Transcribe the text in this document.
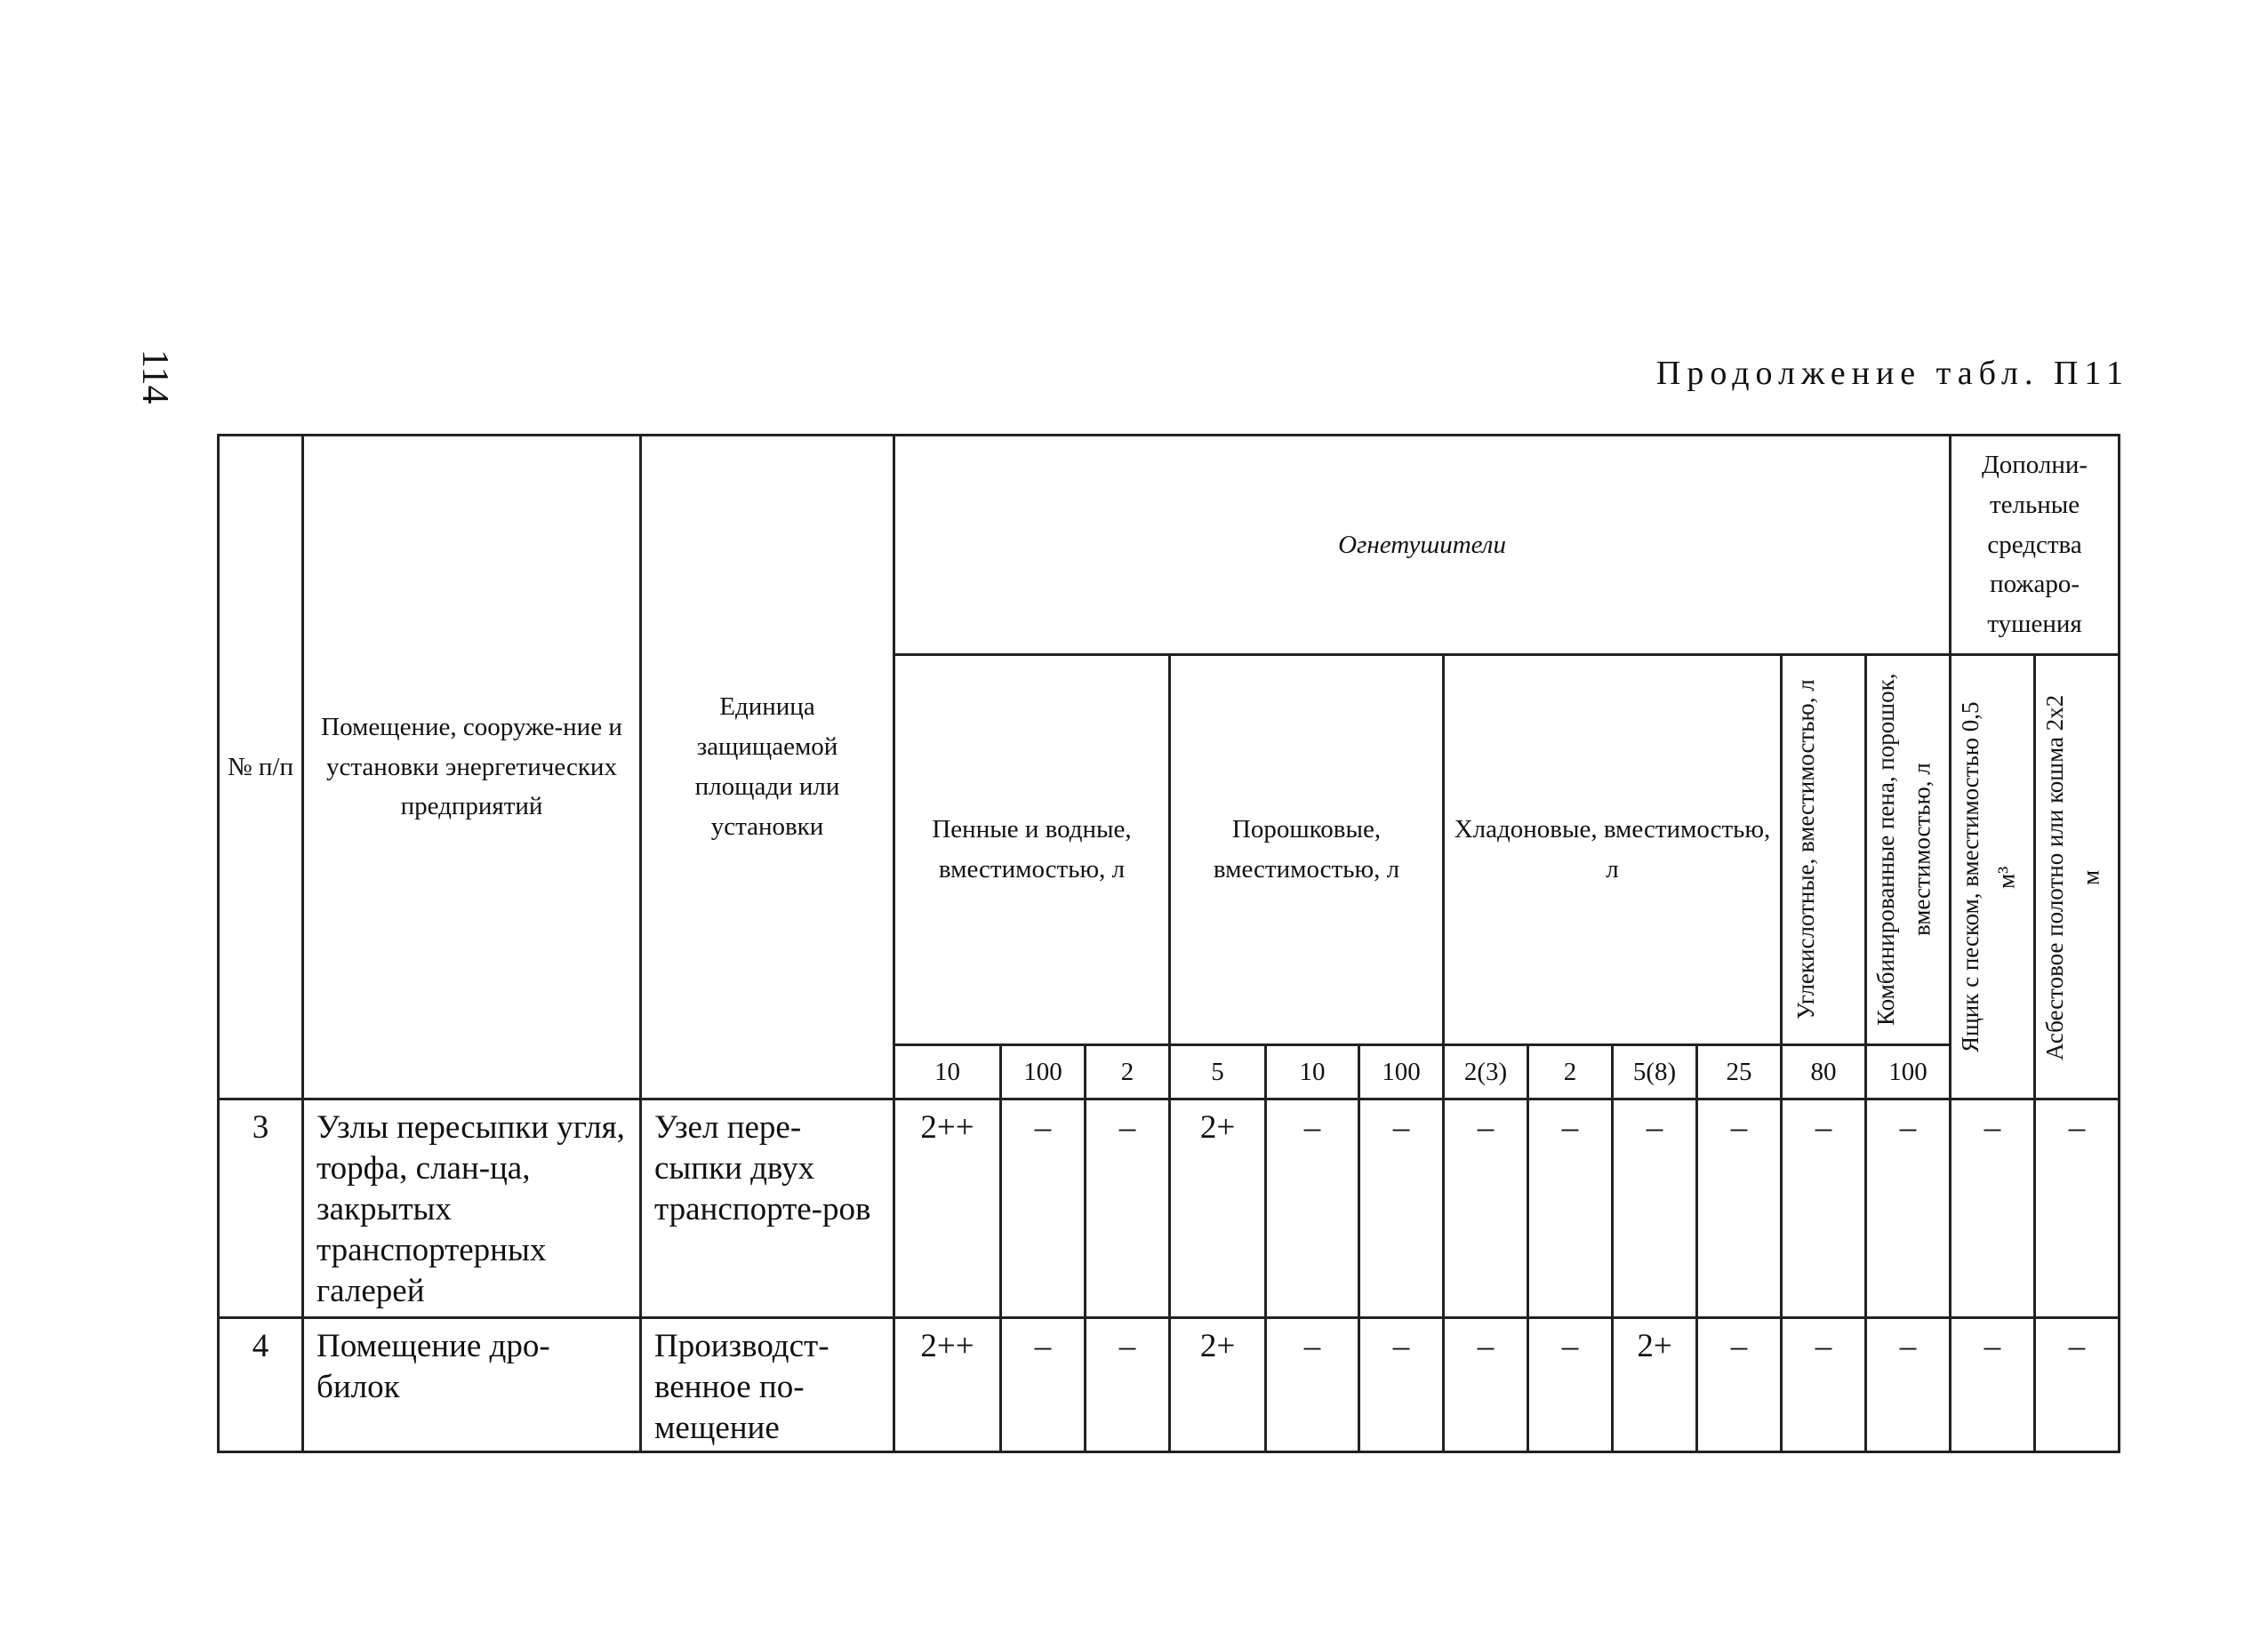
114	Продолжение табл. П11
№ п/п	Помещение, сооруже-ние и установки энергетических предприятий	Единица защищаемой площади или установки	Огнетушители												Дополни-тельные средства пожаро-тушения	
			Пенные и водные, вместимостью, л			Порошковые, вместимостью, л			Хладоновые, вместимостью, л				Углекислотные, вместимостью, л	Комбинированные пена, порошок, вместимостью, л	Ящик с песком, вместимостью 0,5 м³	Асбестовое полотно или кошма 2x2 м

			10	100	2	5	10	100	2(3)	2	5(8)	25	80	100		
3	Узлы пересыпки угля, торфа, слан-ца, закрытых транспортерных галерей	Узел пере-сыпки двух транспорте-ров	2++	–	–	2+	–	–	–	–	–	–	–	–	–	–
4	Помещение дро-билок	Производст-венное по-мещение	2++	–	–	2+	–	–	–	–	2+	–	–	–	–	–
